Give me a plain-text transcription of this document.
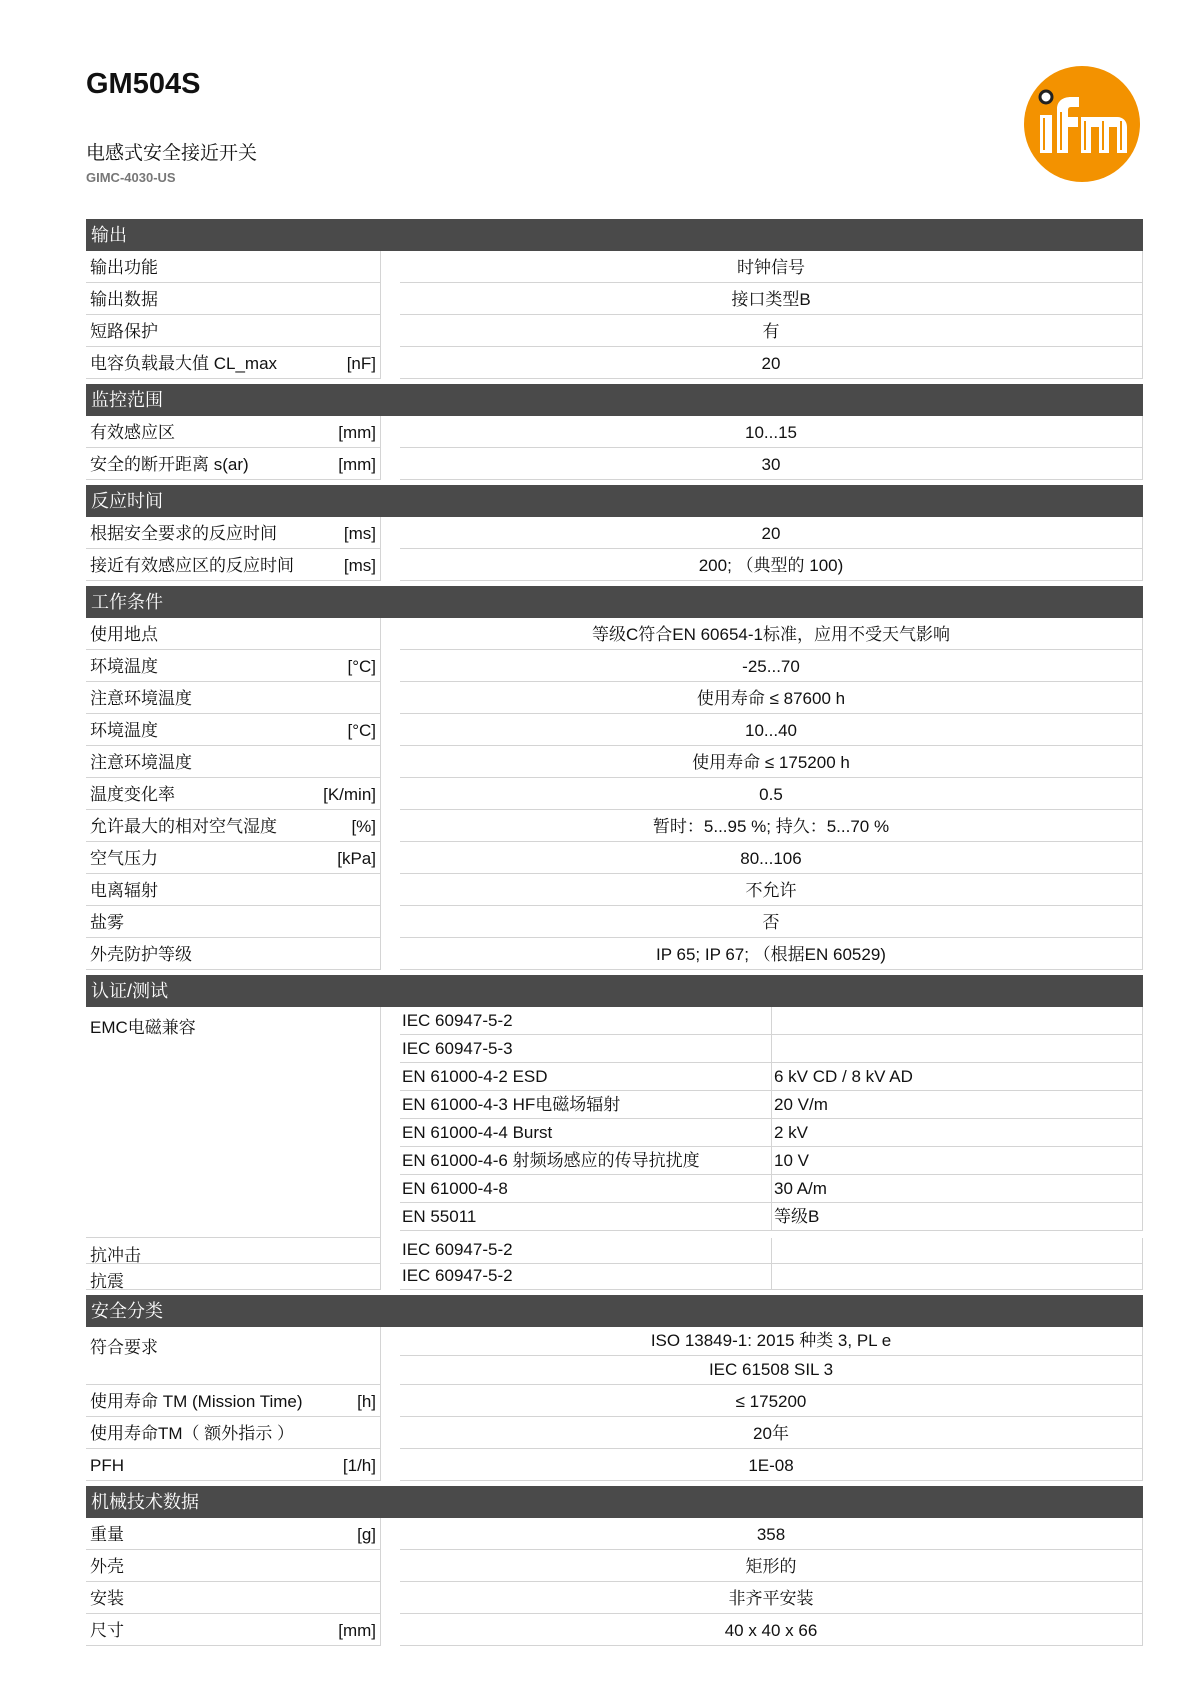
GM504S
电感式安全接近开关
GIMC-4030-US
ifm
输出
输出功能	时钟信号
输出数据	接口类型B
短路保护	有
电容负载最大值 CL_max	[nF]	20
监控范围
有效感应区	[mm]	10...15
安全的断开距离 s(ar)	[mm]	30
反应时间
根据安全要求的反应时间	[ms]	20
接近有效感应区的反应时间	[ms]	200; （典型的 100)
工作条件
使用地点	等级C符合EN 60654-1标准，应用不受天气影响
环境温度	[°C]	-25...70
注意环境温度	使用寿命 ≤ 87600 h
环境温度	[°C]	10...40
注意环境温度	使用寿命 ≤ 175200 h
温度变化率	[K/min]	0.5
允许最大的相对空气湿度	[%]	暂时：5...95 %; 持久：5...70 %
空气压力	[kPa]	80...106
电离辐射	不允许
盐雾	否
外壳防护等级	IP 65; IP 67; （根据EN 60529)
认证/测试
EMC电磁兼容	IEC 60947-5-2
IEC 60947-5-3
EN 61000-4-2 ESD	6 kV CD / 8 kV AD
EN 61000-4-3 HF电磁场辐射	20 V/m
EN 61000-4-4 Burst	2 kV
EN 61000-4-6 射频场感应的传导抗扰度	10 V
EN 61000-4-8	30 A/m
EN 55011	等级B
抗冲击	IEC 60947-5-2
抗震	IEC 60947-5-2
安全分类
符合要求	ISO 13849-1: 2015 种类 3, PL e
IEC 61508 SIL 3
使用寿命 TM (Mission Time)	[h]	≤ 175200
使用寿命TM（ 额外指示 ）	20年
PFH	[1/h]	1E-08
机械技术数据
重量	[g]	358
外壳	矩形的
安装	非齐平安装
尺寸	[mm]	40 x 40 x 66
